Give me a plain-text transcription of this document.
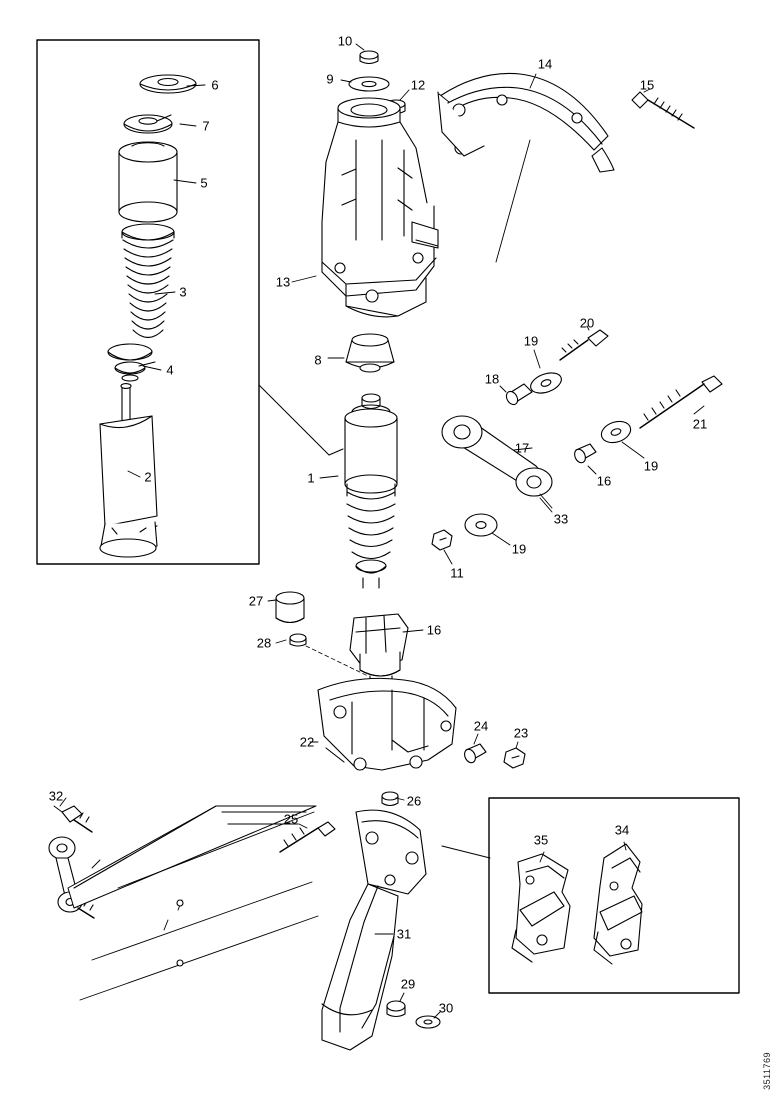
1
2
3
4
5
6
7
8
9
10
11
12
13
14
15
16
17
18
19
19
19
20
21
22
23
24
25
26
27
28
29
30
31
32
33
34
35
16
3511769
